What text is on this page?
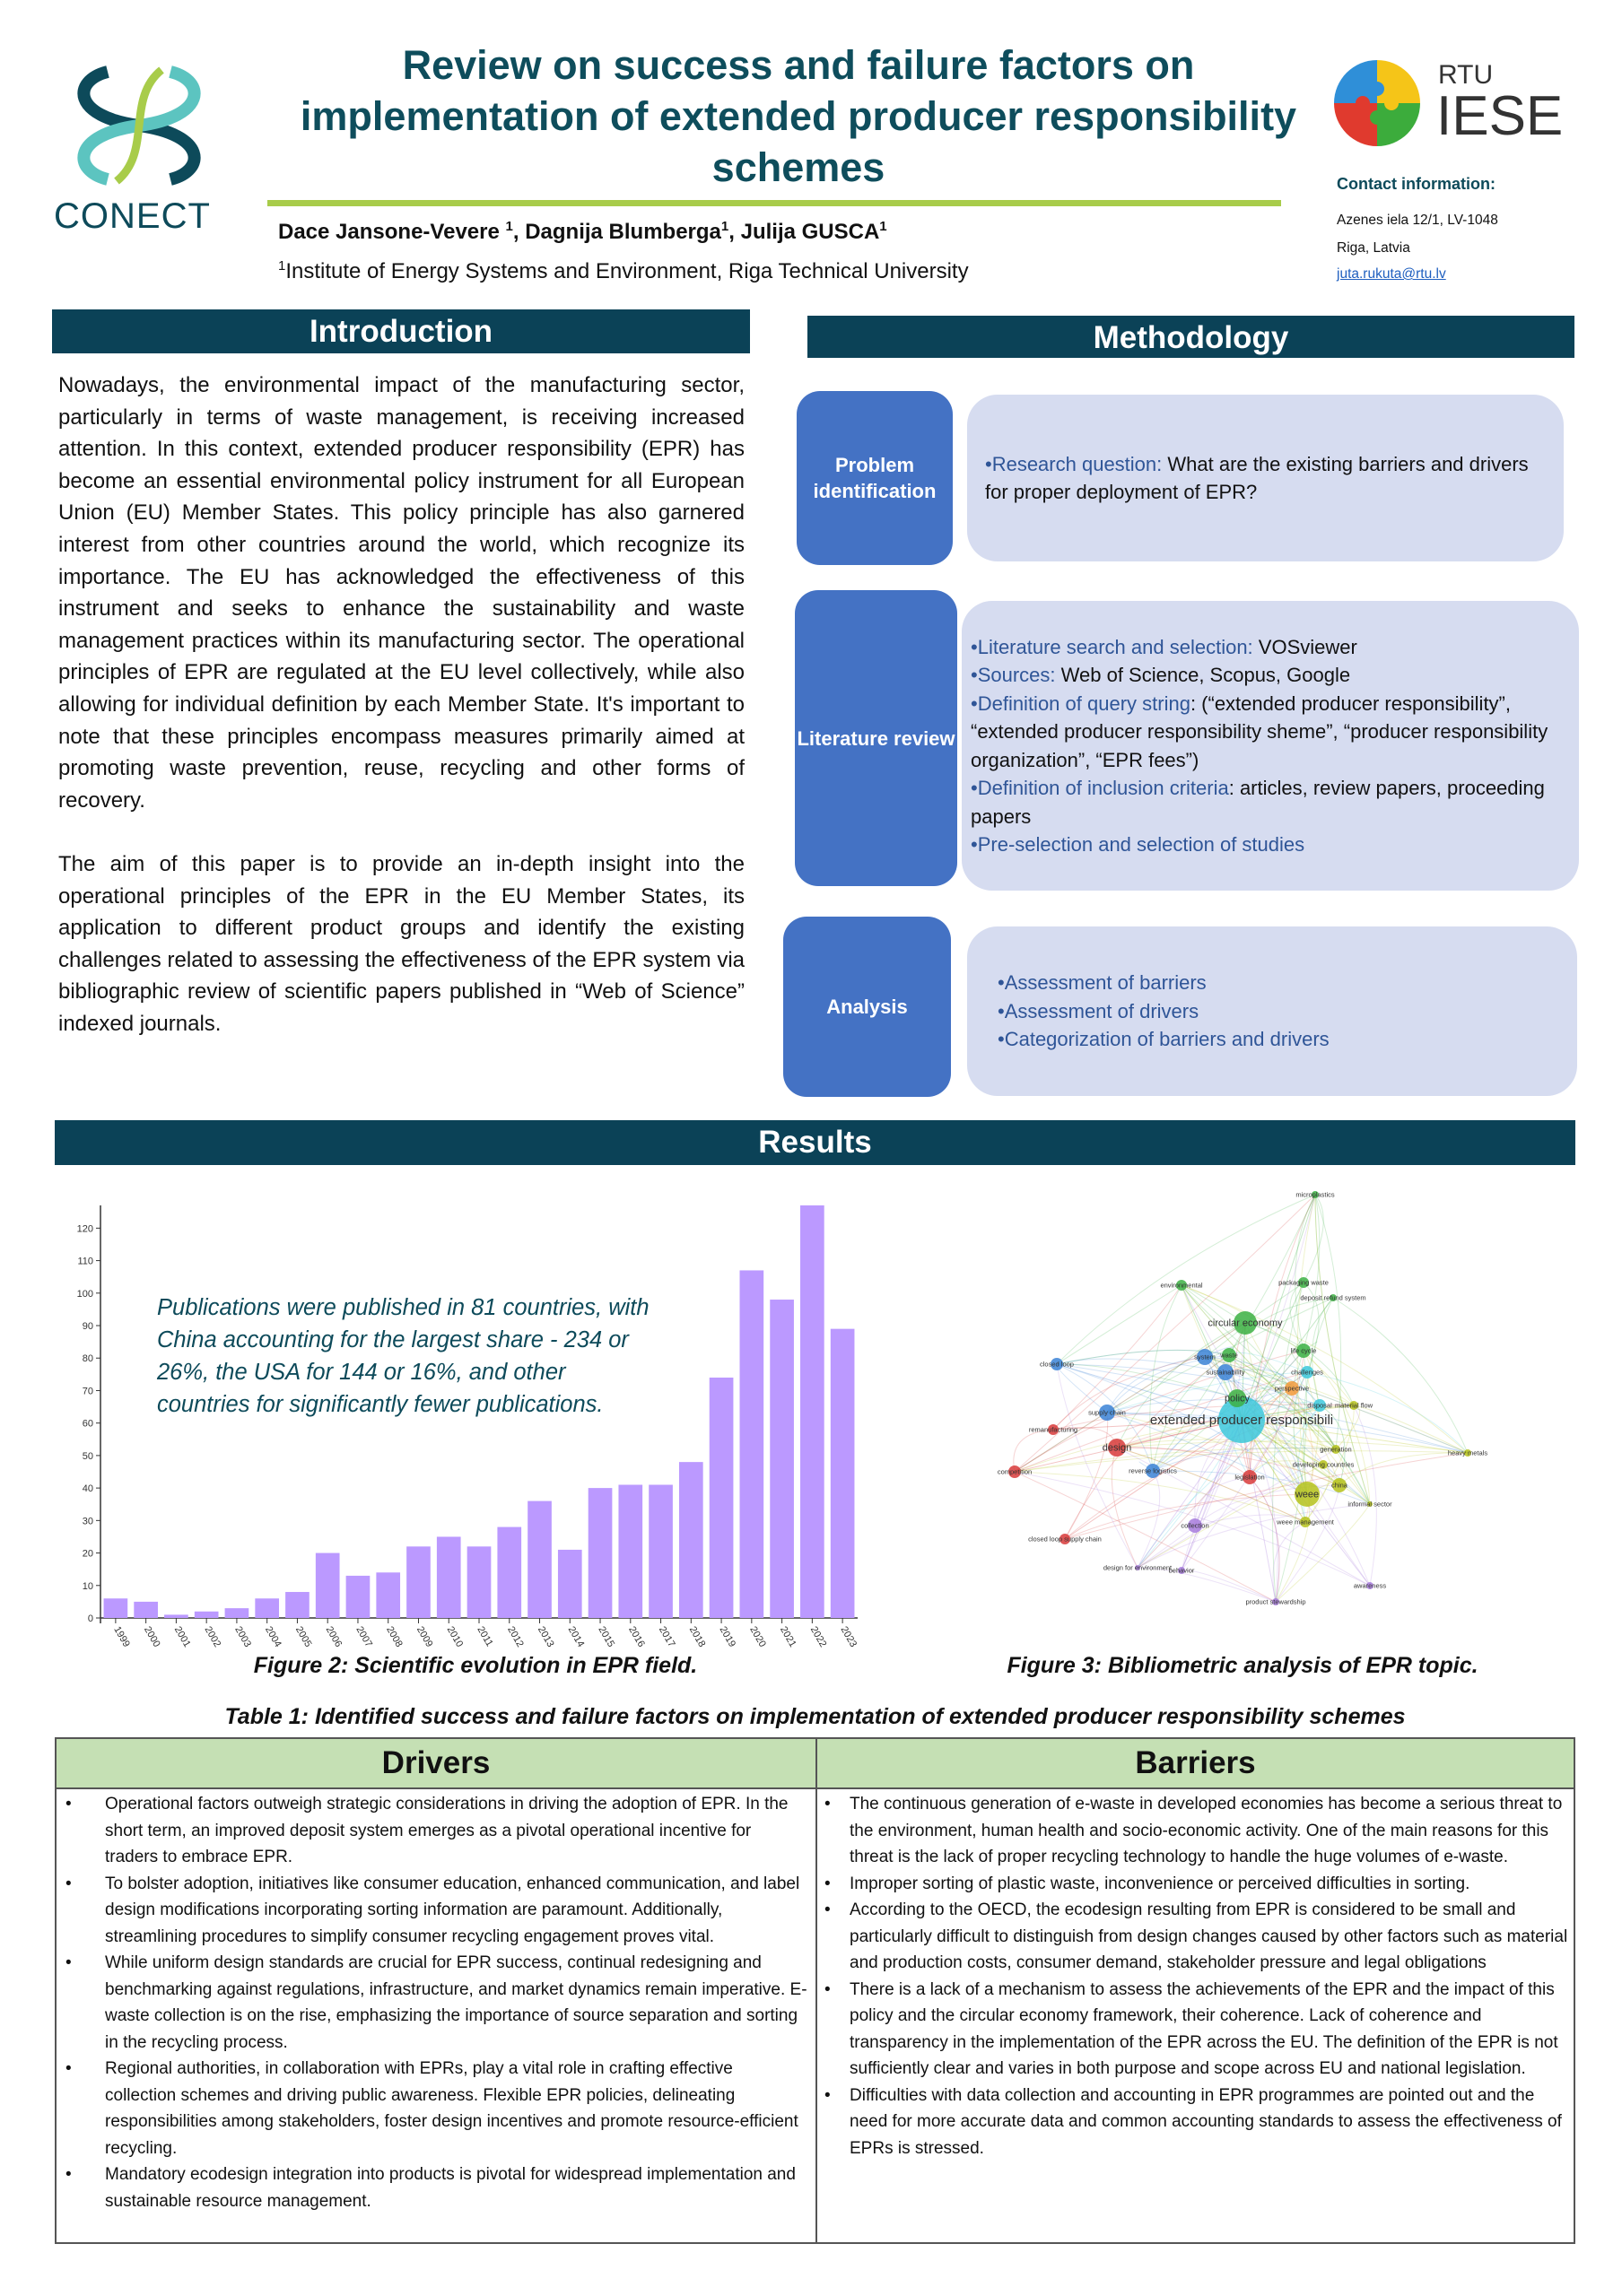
CONECT
Review on success and failure factors on implementation of extended producer responsibility schemes
Dace Jansone-Vevere $^1$, Dagnija Blumberga$^1$, Julija GUSCA$^1$
$^1$Institute of Energy Systems and Environment, Riga Technical University
RTU
IESE
Contact information:
Azenes iela 12/1, LV-1048
Riga, Latvia
juta.rukuta@rtu.lv
Introduction

Nowadays, the environmental impact of the manufacturing sector, particularly in terms of waste management, is receiving increased attention. In this context, extended producer responsibility (EPR) has become an essential environmental policy instrument for all European Union (EU) Member States. This policy principle has also garnered interest from other countries around the world, which recognize its importance. The EU has acknowledged the effectiveness of this instrument and seeks to enhance the sustainability and waste management practices within its manufacturing sector. The operational principles of EPR are regulated at the EU level collectively, while also allowing for individual definition by each Member State. It's important to note that these principles encompass measures primarily aimed at promoting waste prevention, reuse, recycling and other forms of recovery.

The aim of this paper is to provide an in-depth insight into the operational principles of the EPR in the EU Member States, its application to different product groups and identify the existing challenges related to assessing the effectiveness of the EPR system via bibliographic review of scientific papers published in “Web of Science” indexed journals.

Methodology
Problem identification

•Research question: What are the existing barriers and drivers for proper deployment of EPR?

Literature review

•Literature search and selection: VOSviewer

•Sources: Web of Science, Scopus, Google

•Definition of query string: (“extended producer responsibility”, “extended producer responsibility sheme”, “producer responsibility organization”, “EPR fees”)

•Definition of inclusion criteria: articles, review papers, proceeding papers

•Pre-selection and selection of studies

Analysis

•Assessment of barriers

•Assessment of drivers

•Categorization of barriers and drivers

Results
0
10
20
30
40
50
60
70
80
90
100
110
120
1999 2000 2001 2002 2003 2004 2005 2006 2007 2008 2009 2010 2011 2012 2013 2014 2015 2016 2017 2018 2019 2020 2021 2022 2023
Publications were published in 81 countries, with China accounting for the largest share - 234 or 26%, the USA for 144 or 16%, and other countries for significantly fewer publications.
extended producer responsibili
circular economy
weee
policy
supply chain
design
remanufacturing
competition	reverse logistics
china
collection	weee management
life cycle
sustainability	challenges
disposal material flow
packaging waste
environmental
closed loop
developing countries
generation
legislation
microplastics
closed loop supply chain
product stewardship
heavy metals
behavior
waste
system
perspective
awareness
informal sector
design for environment
deposit refund system
Figure 2: Scientific evolution in EPR field.	Figure 3: Bibliometric analysis of EPR topic.
Table 1: Identified success and failure factors on implementation of extended producer responsibility schemes
Drivers	Barriers
• Operational factors outweigh strategic considerations in driving the adoption of EPR. In the short term, an improved deposit system emerges as a pivotal operational incentive for traders to embrace EPR.
• To bolster adoption, initiatives like consumer education, enhanced communication, and label design modifications incorporating sorting information are paramount. Additionally, streamlining procedures to simplify consumer recycling engagement proves vital.
• While uniform design standards are crucial for EPR success, continual redesigning and benchmarking against regulations, infrastructure, and market dynamics remain imperative. E-waste collection is on the rise, emphasizing the importance of source separation and sorting in the recycling process.
• Regional authorities, in collaboration with EPRs, play a vital role in crafting effective collection schemes and driving public awareness. Flexible EPR policies, delineating responsibilities among stakeholders, foster design incentives and promote resource-efficient recycling.
• Mandatory ecodesign integration into products is pivotal for widespread implementation and sustainable resource management.
• The continuous generation of e-waste in developed economies has become a serious threat to the environment, human health and socio-economic activity. One of the main reasons for this threat is the lack of proper recycling technology to handle the huge volumes of e-waste.
• Improper sorting of plastic waste, inconvenience or perceived difficulties in sorting.
• According to the OECD, the ecodesign resulting from EPR is considered to be small and particularly difficult to distinguish from design changes caused by other factors such as material and production costs, consumer demand, stakeholder pressure and legal obligations
• There is a lack of a mechanism to assess the achievements of the EPR and the impact of this policy and the circular economy framework, their coherence. Lack of coherence and transparency in the implementation of the EPR across the EU. The definition of the EPR is not sufficiently clear and varies in both purpose and scope across EU and national legislation.
• Difficulties with data collection and accounting in EPR programmes are pointed out and the need for more accurate data and common accounting standards to assess the effectiveness of EPRs is stressed.
